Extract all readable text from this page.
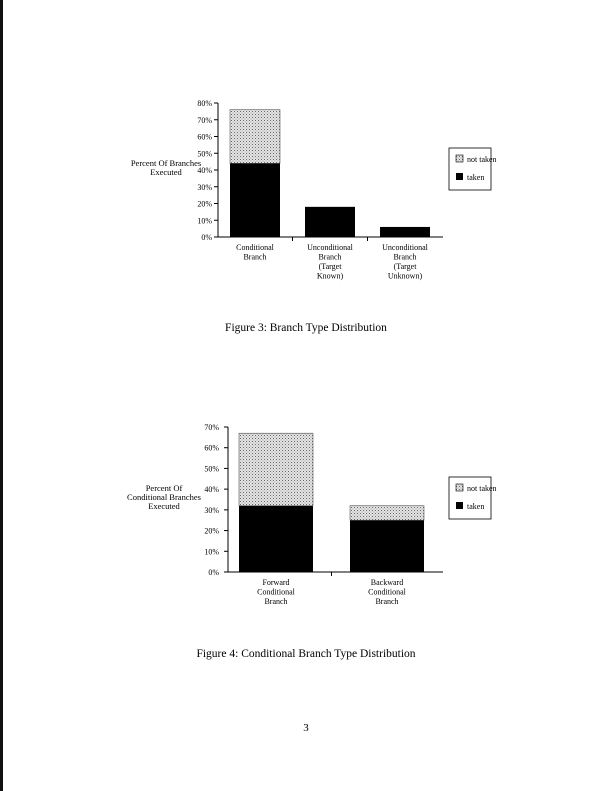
0%
10%
20%
30%
40%
50%
60%
70%
80%
Conditional
Branch
Unconditional
Branch
(Target
Known)
Unconditional
Branch
(Target
Unknown)
Percent Of Branches
Executed
not taken
taken
0%
10%
20%
30%
40%
50%
60%
70%
Forward
Conditional
Branch
Backward
Conditional
Branch
Percent Of
Conditional Branches
Executed
not taken
taken
Figure 3: Branch Type Distribution
Figure 4: Conditional Branch Type Distribution
3
